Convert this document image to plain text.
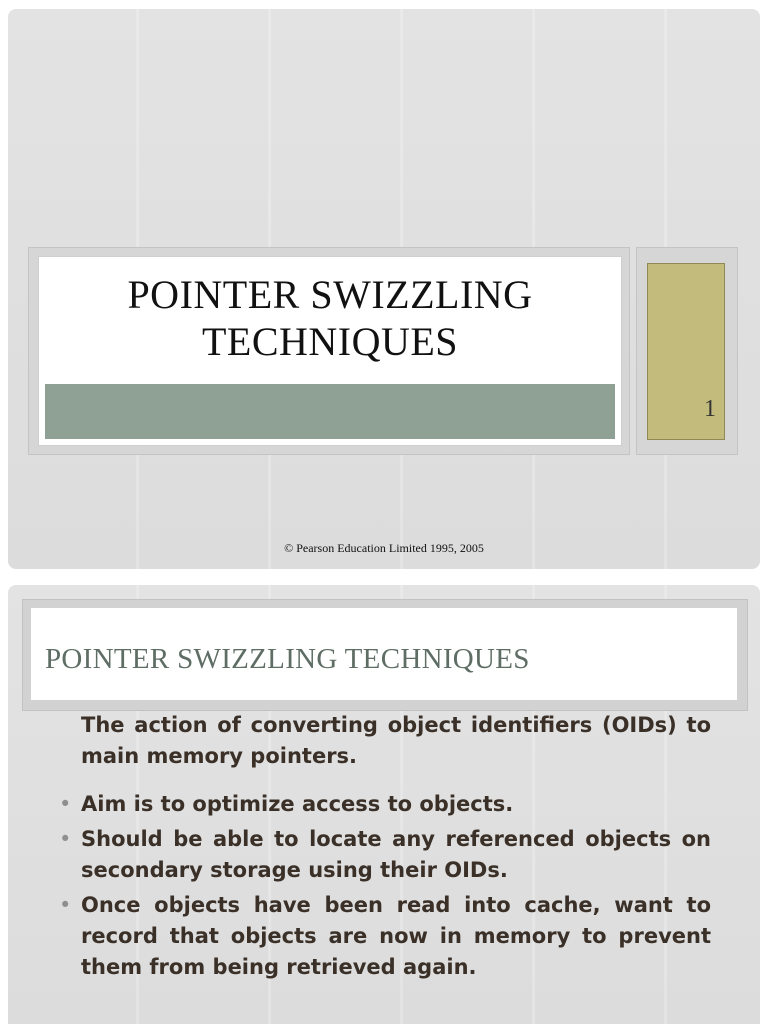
POINTER SWIZZLING
TECHNIQUES
1
© Pearson Education Limited 1995, 2005
POINTER SWIZZLING TECHNIQUES

The action of converting object identifiers (OIDs) to main memory pointers.

• Aim is to optimize access to objects.
• Should be able to locate any referenced objects on secondary storage using their OIDs.
• Once objects have been read into cache, want to record that objects are now in memory to prevent them from being retrieved again.
